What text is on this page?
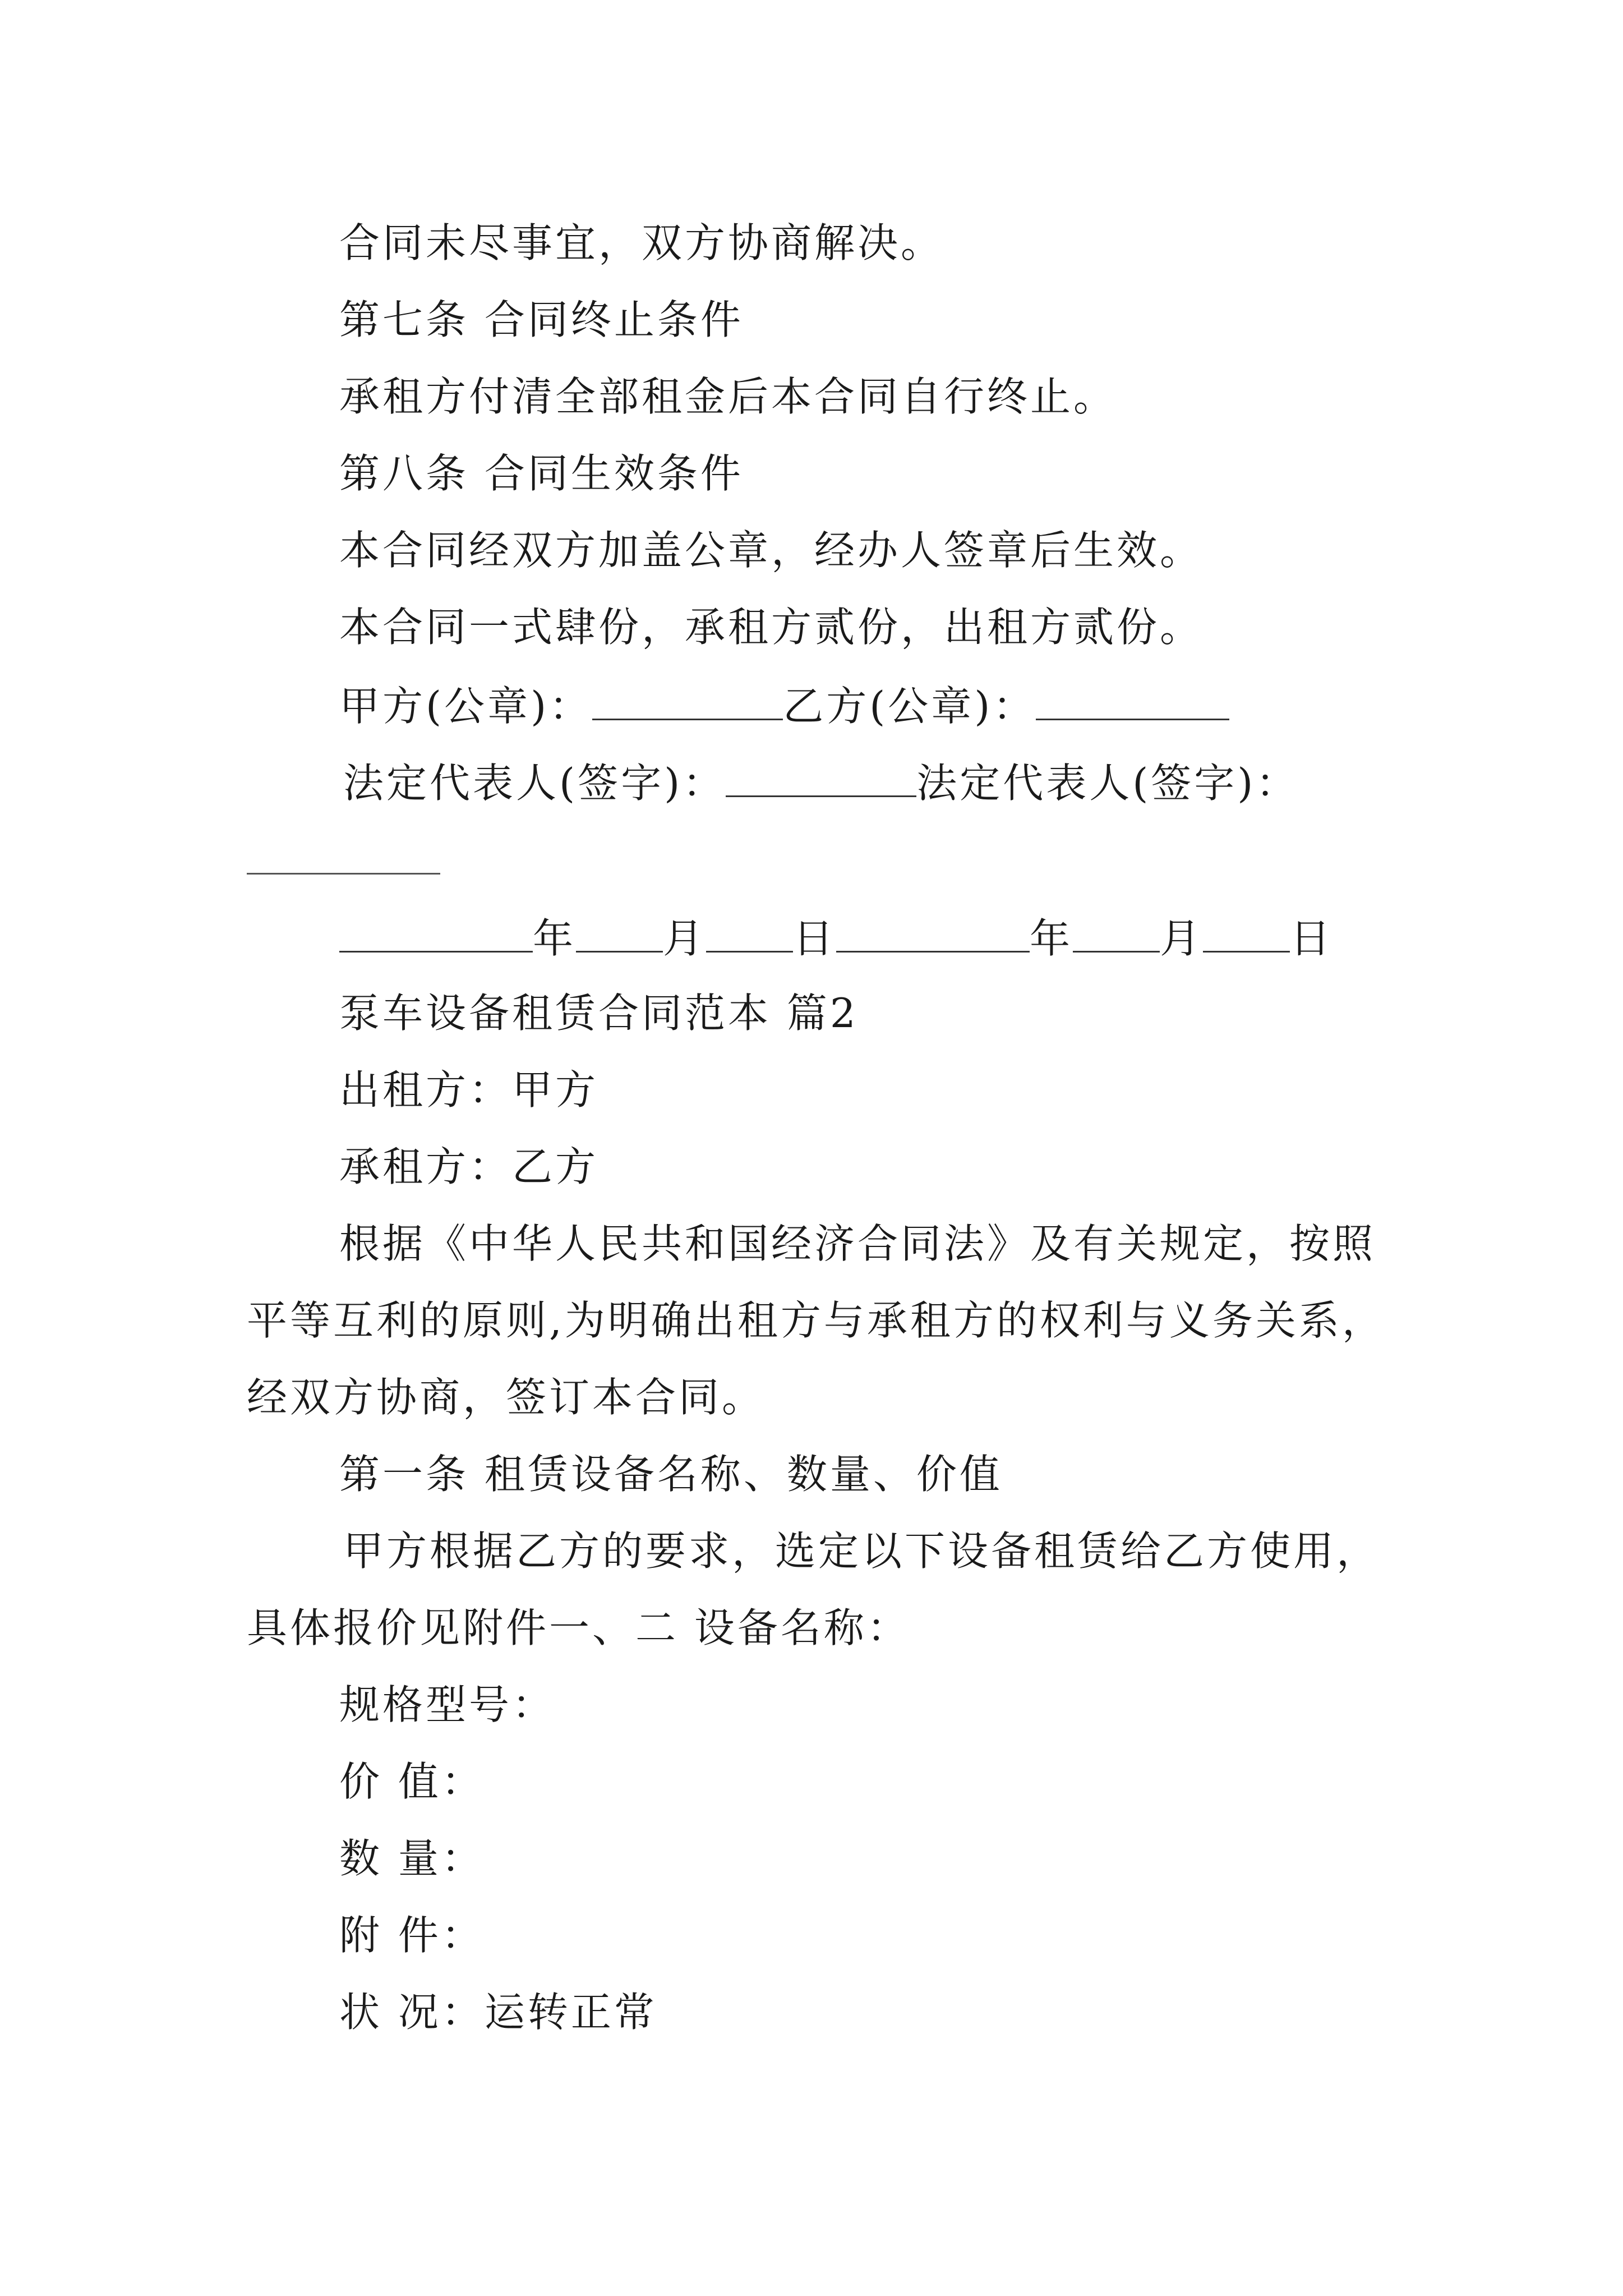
合同未尽事宜，双方协商解决。
第七条 合同终止条件
承租方付清全部租金后本合同自行终止。
第八条 合同生效条件
本合同经双方加盖公章，经办人签章后生效。
本合同一式肆份，承租方贰份，出租方贰份。
甲方(公章)：	乙方(公章)：
法定代表人(签字)：	法定代表人(签字)：
年 月 日	年 月 日
泵车设备租赁合同范本 篇2
出租方：甲方
承租方：乙方
根据《中华人民共和国经济合同法》及有关规定，按照
平等互利的原则,为明确出租方与承租方的权利与义务关系，
经双方协商，签订本合同。
第一条 租赁设备名称、数量、价值
甲方根据乙方的要求，选定以下设备租赁给乙方使用，
具体报价见附件一、二 设备名称：
规格型号：
价 值：
数 量：
附 件：
状 况：运转正常
